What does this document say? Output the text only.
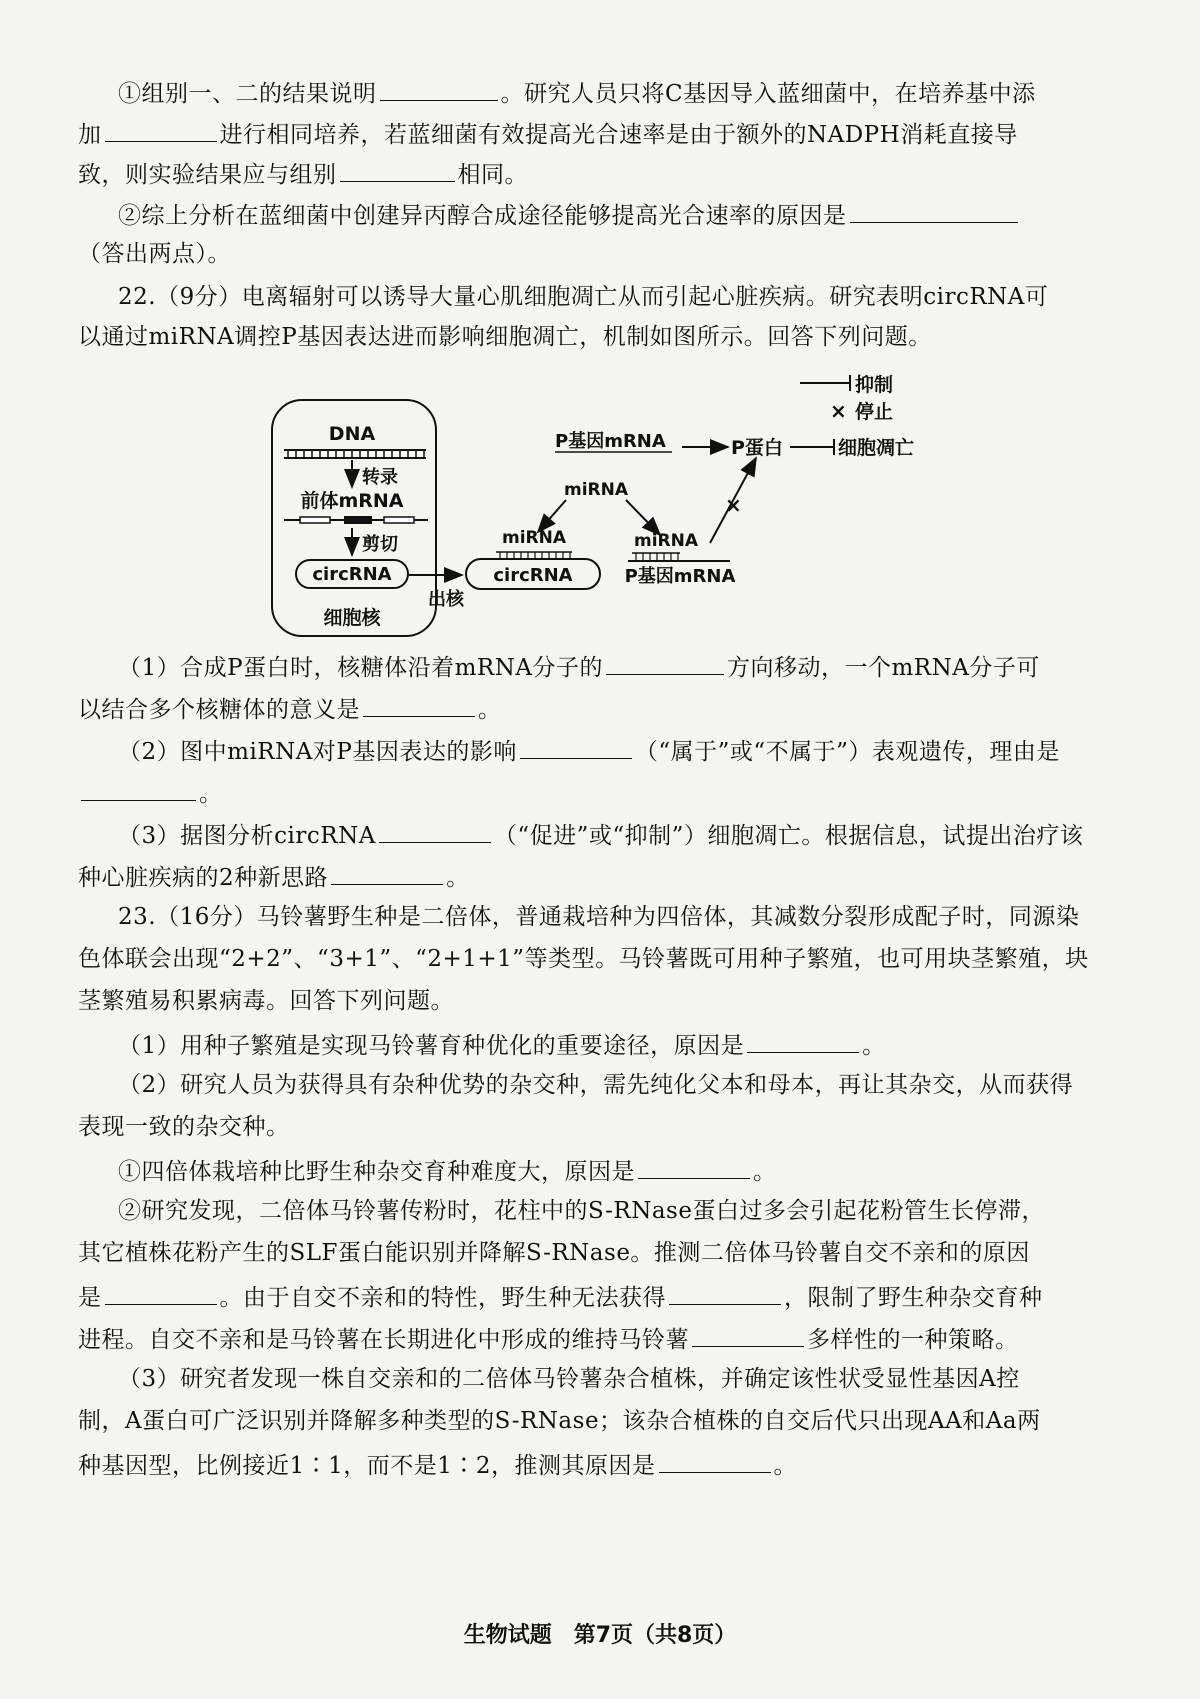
①组别一、二的结果说明	。研究人员只将C基因导入蓝细菌中，在培养基中添
加	进行相同培养，若蓝细菌有效提高光合速率是由于额外的NADPH消耗直接导
致，则实验结果应与组别	相同。
②综上分析在蓝细菌中创建异丙醇合成途径能够提高光合速率的原因是
（答出两点）。
22.（9分）电离辐射可以诱导大量心肌细胞凋亡从而引起心脏疾病。研究表明circRNA可
以通过miRNA调控P基因表达进而影响细胞凋亡，机制如图所示。回答下列问题。
抑制
× 停止
DNA
转录
前体mRNA
剪切
circRNA
细胞核
出核
miRNA
circRNA
miRNA
miRNA
P基因mRNA
×
P基因mRNA	P蛋白	细胞凋亡
（1）合成P蛋白时，核糖体沿着mRNA分子的	方向移动，一个mRNA分子可
以结合多个核糖体的意义是	。
（2）图中miRNA对P基因表达的影响	（“属于”或“不属于”）表观遗传，理由是
。
（3）据图分析circRNA	（“促进”或“抑制”）细胞凋亡。根据信息，试提出治疗该
种心脏疾病的2种新思路	。
23.（16分）马铃薯野生种是二倍体，普通栽培种为四倍体，其减数分裂形成配子时，同源染
色体联会出现“2+2”、“3+1”、“2+1+1”等类型。马铃薯既可用种子繁殖，也可用块茎繁殖，块
茎繁殖易积累病毒。回答下列问题。
（1）用种子繁殖是实现马铃薯育种优化的重要途径，原因是	。
（2）研究人员为获得具有杂种优势的杂交种，需先纯化父本和母本，再让其杂交，从而获得
表现一致的杂交种。
①四倍体栽培种比野生种杂交育种难度大，原因是	。
②研究发现，二倍体马铃薯传粉时，花柱中的S-RNase蛋白过多会引起花粉管生长停滞，
其它植株花粉产生的SLF蛋白能识别并降解S-RNase。推测二倍体马铃薯自交不亲和的原因
是	。由于自交不亲和的特性，野生种无法获得	，限制了野生种杂交育种
进程。自交不亲和是马铃薯在长期进化中形成的维持马铃薯	多样性的一种策略。
（3）研究者发现一株自交亲和的二倍体马铃薯杂合植株，并确定该性状受显性基因A控
制，A蛋白可广泛识别并降解多种类型的S-RNase；该杂合植株的自交后代只出现AA和Aa两
种基因型，比例接近1∶1，而不是1∶2，推测其原因是	。
生物试题　第7页（共8页）
